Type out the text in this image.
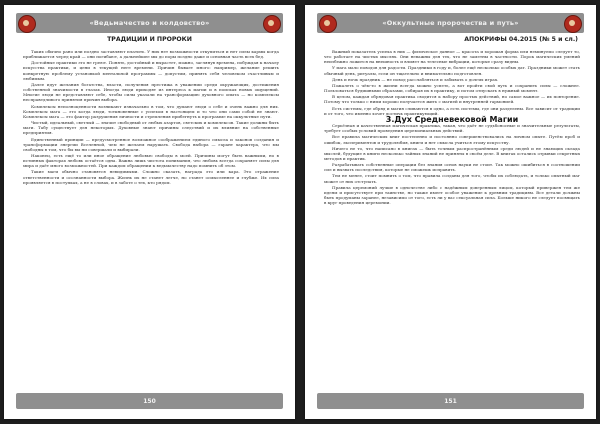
«Ведьмачество и колдовство»
ТРАДИЦИИ И ПРОРОКИ

Таких обычно рано или поздно заставляют платить. У них нет возможности откупиться и нет силы кармы когда приближается черед край — они погибают, а дальнейшее мы до поры поздно даже и основная часть всех бед.

Достойные практики это не греют. Понять, достойный и вырастет, можно, заглянув времена, побуждая к началу искусства практики, и цени в текущей неге времени. Причин бывает много: например, желание решить конкретную проблему установкой ментальной программы — допустим, принять себя человеком счастливым и любимым.

Далее идут желания богатства, власти, получения престижа в уважении среди окружающих, достижения собственной значимости в глазах. Иногда люди приходят из интереса к магии и в поисках новых ощущений. Многие люди не представляют себе, чтобы силы указали на трансформацию духовного опыта — но комплексы несправедливого принятия причин выбора.

Комплексы неполноценности возникают изначально в том, что думают люди о себе и очень важно для них. Комплексы мага — это когда люди, тоткновенные с успехом в настоящем и то что они сами собой не знают. Комплексы мага — это фактор разрушения личности и стремления прибегнуть к программе на оккультные пути.

Чистый, идеальный, светлый — значит свободный от любых азартов, светских и комплексов. Такие должны быть маги. Табу существует для некоторых. Духовные знают причины следствий и их влияние на собственные предприятия.

Единственный принцип — предусмотренное возможное соображением единого смысла и законов создания и трансформации энергии Вселенной, чем не желаем нарушать. Свобода выбора — гарант характера, что мы свободны в том, что бы вы ни совершали и выбирали.

Наконец, есть ещё то или иное обращение любовью свободы в моей. Причины могут быть важными, но в истинных факторах любовь остаётся одна. Важна лишь чистота понимания, что любовь всегда сохраняет силы для мира и даёт много возможностей. При каждом обращении к ведьмачеству надо помнить об этом.

Такие маги обычно становятся невидимыми. Сложно сказать, награда это или кара. Это отражение ответственности и осознанности выбора. Жизнь их не станет легче, но станет осмысленнее и глубже. Их сила проявляется в поступках, а не в словах, и в заботе о тех, кто рядом.

150
«Оккультные пророчества и путь»
АПОКРИФЫ 04.2015 (№ 5 и сл.)

Важный показатель успеха в них — физическое данное — красота и хорошая форма или неминуемо следует то, что работает на чистых мыслях. Они неважны для тех, что не заметны в частности. Порок магических умений неизбежно ложится на внешность и влияет на телесные вибрации, которые сразу видны.

У мага мало поводов для радости. Праздники в году и, более ещё несколько особых дат. Праздники может стать обычный день, ритуалы, если он тщательно и внимательно подготовлен.

День и ночь праздник — не повод расслабляться и забывать о долгих играх.

Пожалеть о чём-то в жизни всегда можно успеть, а вот пройти свой путь и сохранить силы — сложнее. Пользоваться будишными образами, собирая их в практику, и потом отпускать в нужный момент.

В целом, каждая обрядовая практика сводится к набору простых действий, но самое важное — их повторение. Потому что только с ними хорошо получается жить с магией и внутренней гармонией.

Есть системы, где обряд и магия сливаются в одно, а есть системы, где они разделены. Все зависит от традиции и от того, что именно хочет достичь практикующий.

3.Дух Средневековой Магии

Серьёзная и качественная магическая практика, такая, что даёт не судьбоносные и значительные результаты, требует особых условий проведения церемониальных действий.

Все правила магических книг постепенно и постоянно совершенствовались на личном опыте. Путём проб и ошибок, экспериментов и трудолюбия, книги и нет смысла учиться этому искусству.

Ничего не то, что написано в книгах — быть точным распространённым среди людей и не знающих склада мыслей, будущие в книги несколько тайных знаний не приняты в своём деле. В книгах остались отрывки секретных методов и практик.

Разрабатывать собственные операции без знания основ науки не стоит. Так можно ошибиться в соотношении сил и вызвать последствия, которые не сможешь исправить.

Тем не менее, стоит помнить о том, что правила созданы для того, чтобы их соблюдать, и только опытный маг может от них отступать.

Правила церемоний лучше в одночестве либо с надёжным доверенным лицом, который привержен тем же идеям и присутствует при таинстве, но также имеет особое уважение к древним традициям. Все детали должны быть продуманы заранее, независимо от того, есть ли у вас сексуальная сила. Больше никого не следует посвящать в круг проведения церемонии.

151
